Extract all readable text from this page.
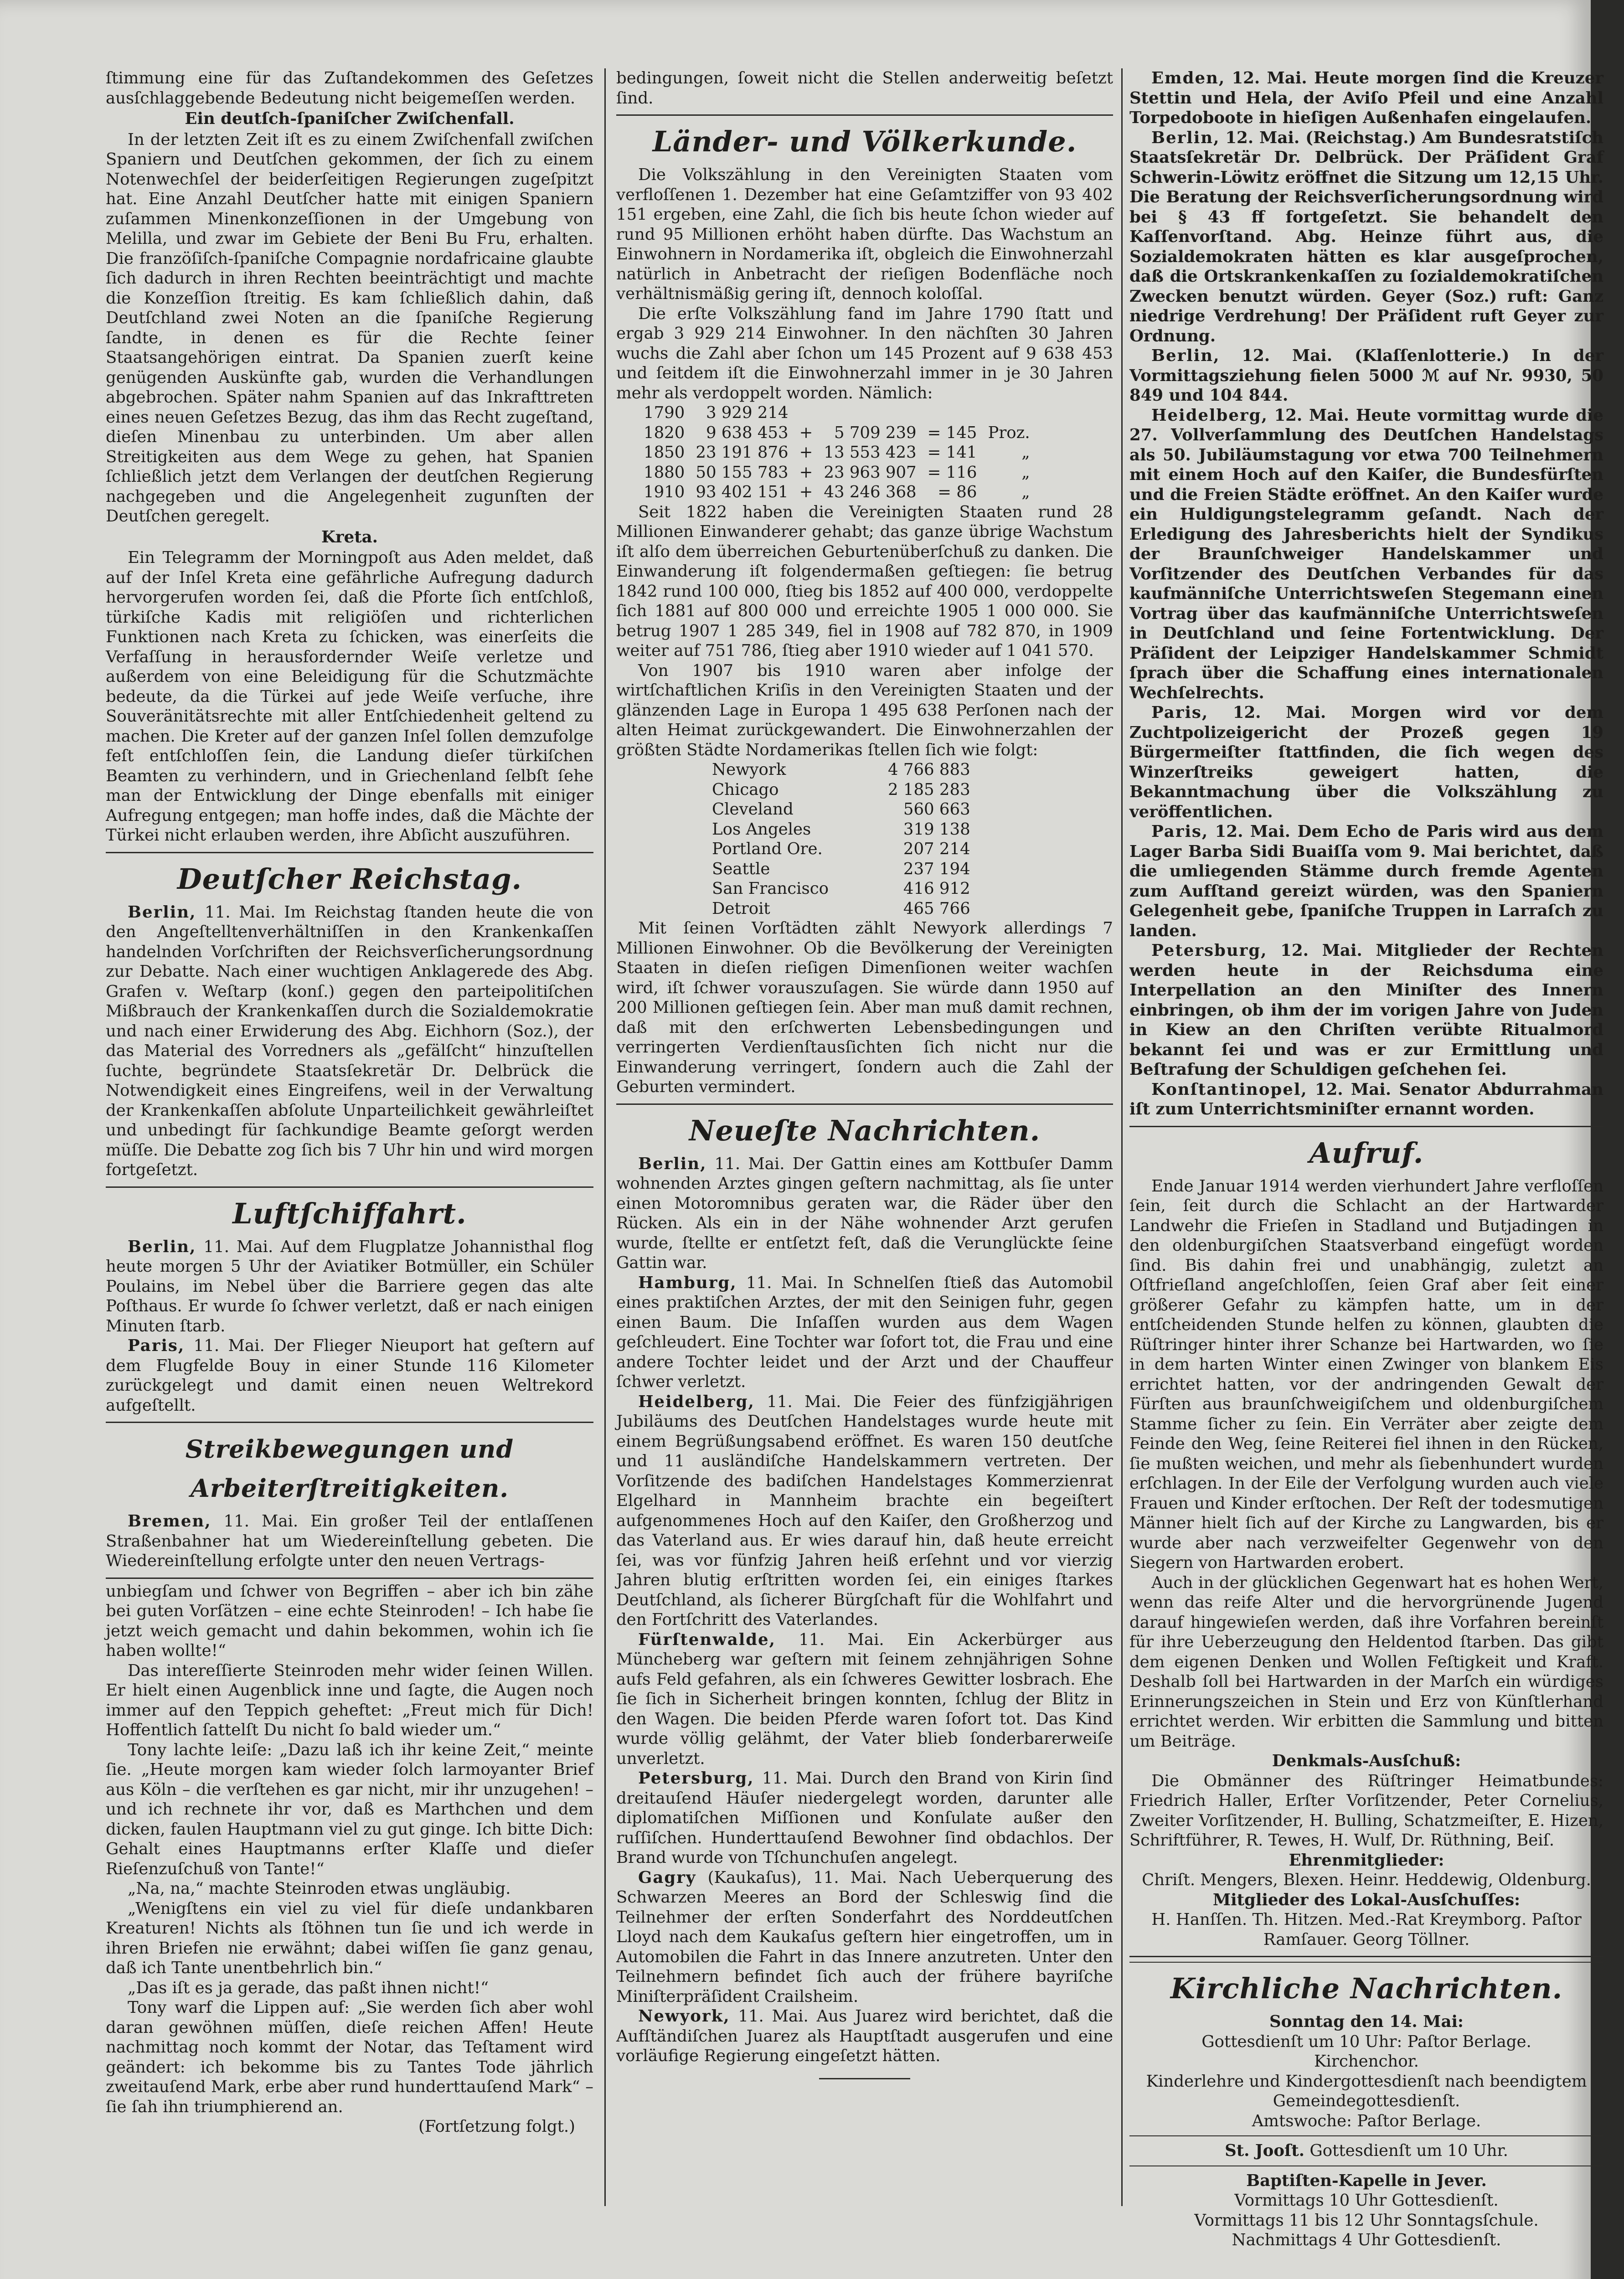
ſtimmung eine für das Zuſtandekommen des Geſetzes ausſchlaggebende Bedeutung nicht beigemeſſen werden.

Ein deutſch-ſpaniſcher Zwiſchenfall.

In der letzten Zeit iſt es zu einem Zwiſchenfall zwiſchen Spaniern und Deutſchen gekommen, der ſich zu einem Notenwechſel der beiderſeitigen Regierungen zugeſpitzt hat. Eine Anzahl Deutſcher hatte mit einigen Spaniern zuſammen Minenkonzeſſionen in der Umgebung von Melilla, und zwar im Gebiete der Beni Bu Fru, erhalten. Die franzöſiſch-ſpaniſche Compagnie nordafricaine glaubte ſich dadurch in ihren Rechten beeinträchtigt und machte die Konzeſſion ſtreitig. Es kam ſchließlich dahin, daß Deutſchland zwei Noten an die ſpaniſche Regierung ſandte, in denen es für die Rechte ſeiner Staatsangehörigen eintrat. Da Spanien zuerſt keine genügenden Auskünfte gab, wurden die Verhandlungen abgebrochen. Später nahm Spanien auf das Inkrafttreten eines neuen Geſetzes Bezug, das ihm das Recht zugeſtand, dieſen Minenbau zu unterbinden. Um aber allen Streitigkeiten aus dem Wege zu gehen, hat Spanien ſchließlich jetzt dem Verlangen der deutſchen Regierung nachgegeben und die Angelegenheit zugunſten der Deutſchen geregelt.

Kreta.

Ein Telegramm der Morningpoſt aus Aden meldet, daß auf der Inſel Kreta eine gefährliche Aufregung dadurch hervorgerufen worden ſei, daß die Pforte ſich entſchloß, türkiſche Kadis mit religiöſen und richterlichen Funktionen nach Kreta zu ſchicken, was einerſeits die Verfaſſung in herausfordernder Weiſe verletze und außerdem von eine Beleidigung für die Schutzmächte bedeute, da die Türkei auf jede Weiſe verſuche, ihre Souveränitätsrechte mit aller Entſchiedenheit geltend zu machen. Die Kreter auf der ganzen Inſel ſollen demzufolge feſt entſchloſſen ſein, die Landung dieſer türkiſchen Beamten zu verhindern, und in Griechenland ſelbſt ſehe man der Entwicklung der Dinge ebenfalls mit einiger Aufregung entgegen; man hoffe indes, daß die Mächte der Türkei nicht erlauben werden, ihre Abſicht auszuführen.

Deutſcher Reichstag.

Berlin, 11. Mai. Im Reichstag ſtanden heute die von den Angeſtelltenverhältniſſen in den Krankenkaſſen handelnden Vorſchriften der Reichsverſicherungsordnung zur Debatte. Nach einer wuchtigen Anklagerede des Abg. Grafen v. Weſtarp (konſ.) gegen den parteipolitiſchen Mißbrauch der Krankenkaſſen durch die Sozialdemokratie und nach einer Erwiderung des Abg. Eichhorn (Soz.), der das Material des Vorredners als „gefälſcht“ hinzuſtellen ſuchte, begründete Staatsſekretär Dr. Delbrück die Notwendigkeit eines Eingreifens, weil in der Verwaltung der Krankenkaſſen abſolute Unparteilichkeit gewährleiſtet und unbedingt für ſachkundige Beamte geſorgt werden müſſe. Die Debatte zog ſich bis 7 Uhr hin und wird morgen fortgeſetzt.

Luftſchiffahrt.

Berlin, 11. Mai. Auf dem Flugplatze Johannisthal flog heute morgen 5 Uhr der Aviatiker Botmüller, ein Schüler Poulains, im Nebel über die Barriere gegen das alte Poſthaus. Er wurde ſo ſchwer verletzt, daß er nach einigen Minuten ſtarb.

Paris, 11. Mai. Der Flieger Nieuport hat geſtern auf dem Flugfelde Bouy in einer Stunde 116 Kilometer zurückgelegt und damit einen neuen Weltrekord aufgeſtellt.

Streikbewegungen und Arbeiterſtreitigkeiten.

Bremen, 11. Mai. Ein großer Teil der entlaſſenen Straßenbahner hat um Wiedereinſtellung gebeten. Die Wiedereinſtellung erfolgte unter den neuen Vertrags-

unbiegſam und ſchwer von Begriffen – aber ich bin zähe bei guten Vorſätzen – eine echte Steinroden! – Ich habe ſie jetzt weich gemacht und dahin bekommen, wohin ich ſie haben wollte!“

Das intereſſierte Steinroden mehr wider ſeinen Willen. Er hielt einen Augenblick inne und ſagte, die Augen noch immer auf den Teppich geheftet: „Freut mich für Dich! Hoffentlich ſattelſt Du nicht ſo bald wieder um.“

Tony lachte leiſe: „Dazu laß ich ihr keine Zeit,“ meinte ſie. „Heute morgen kam wieder ſolch larmoyanter Brief aus Köln – die verſtehen es gar nicht, mir ihr unzugehen! – und ich rechnete ihr vor, daß es Marthchen und dem dicken, faulen Hauptmann viel zu gut ginge. Ich bitte Dich: Gehalt eines Hauptmanns erſter Klaſſe und dieſer Rieſenzuſchuß von Tante!“

„Na, na,“ machte Steinroden etwas ungläubig.

„Wenigſtens ein viel zu viel für dieſe undankbaren Kreaturen! Nichts als ſtöhnen tun ſie und ich werde in ihren Briefen nie erwähnt; dabei wiſſen ſie ganz genau, daß ich Tante unentbehrlich bin.“

„Das iſt es ja gerade, das paßt ihnen nicht!“

Tony warf die Lippen auf: „Sie werden ſich aber wohl daran gewöhnen müſſen, dieſe reichen Affen! Heute nachmittag noch kommt der Notar, das Teſtament wird geändert: ich bekomme bis zu Tantes Tode jährlich zweitauſend Mark, erbe aber rund hunderttauſend Mark“ – ſie ſah ihn triumphierend an.

(Fortſetzung folgt.)

bedingungen, ſoweit nicht die Stellen anderweitig beſetzt ſind.

Länder- und Völkerkunde.

Die Volkszählung in den Vereinigten Staaten vom verfloſſenen 1. Dezember hat eine Geſamtziffer von 93 402 151 ergeben, eine Zahl, die ſich bis heute ſchon wieder auf rund 95 Millionen erhöht haben dürfte. Das Wachstum an Einwohnern in Nordamerika iſt, obgleich die Einwohnerzahl natürlich in Anbetracht der rieſigen Bodenfläche noch verhältnismäßig gering iſt, dennoch koloſſal.

Die erſte Volkszählung fand im Jahre 1790 ſtatt und ergab 3 929 214 Einwohner. In den nächſten 30 Jahren wuchs die Zahl aber ſchon um 145 Prozent auf 9 638 453 und ſeitdem iſt die Einwohnerzahl immer in je 30 Jahren mehr als verdoppelt worden. Nämlich:

1790	3 929 214				
1820	9 638 453	+	5 709 239	= 145	Proz.
1850	23 191 876	+	13 553 423	= 141	„
1880	50 155 783	+	23 963 907	= 116	„
1910	93 402 151	+	43 246 368	= 86	„

Seit 1822 haben die Vereinigten Staaten rund 28 Millionen Einwanderer gehabt; das ganze übrige Wachstum iſt alſo dem überreichen Geburtenüberſchuß zu danken. Die Einwanderung iſt folgendermaßen geſtiegen: ſie betrug 1842 rund 100 000, ſtieg bis 1852 auf 400 000, verdoppelte ſich 1881 auf 800 000 und erreichte 1905 1 000 000. Sie betrug 1907 1 285 349, fiel in 1908 auf 782 870, in 1909 weiter auf 751 786, ſtieg aber 1910 wieder auf 1 041 570.

Von 1907 bis 1910 waren aber infolge der wirtſchaftlichen Kriſis in den Vereinigten Staaten und der glänzenden Lage in Europa 1 495 638 Perſonen nach der alten Heimat zurückgewandert. Die Einwohnerzahlen der größten Städte Nordamerikas ſtellen ſich wie folgt:

Newyork	4 766 883
Chicago	2 185 283
Cleveland	560 663
Los Angeles	319 138
Portland Ore.	207 214
Seattle	237 194
San Francisco	416 912
Detroit	465 766

Mit ſeinen Vorſtädten zählt Newyork allerdings 7 Millionen Einwohner. Ob die Bevölkerung der Vereinigten Staaten in dieſen rieſigen Dimenſionen weiter wachſen wird, iſt ſchwer vorauszuſagen. Sie würde dann 1950 auf 200 Millionen geſtiegen ſein. Aber man muß damit rechnen, daß mit den erſchwerten Lebensbedingungen und verringerten Verdienſtausſichten ſich nicht nur die Einwanderung verringert, ſondern auch die Zahl der Geburten vermindert.

Neueſte Nachrichten.

Berlin, 11. Mai. Der Gattin eines am Kottbuſer Damm wohnenden Arztes gingen geſtern nachmittag, als ſie unter einen Motoromnibus geraten war, die Räder über den Rücken. Als ein in der Nähe wohnender Arzt gerufen wurde, ſtellte er entſetzt feſt, daß die Verunglückte ſeine Gattin war.

Hamburg, 11. Mai. In Schnelſen ſtieß das Automobil eines praktiſchen Arztes, der mit den Seinigen fuhr, gegen einen Baum. Die Inſaſſen wurden aus dem Wagen geſchleudert. Eine Tochter war ſofort tot, die Frau und eine andere Tochter leidet und der Arzt und der Chauffeur ſchwer verletzt.

Heidelberg, 11. Mai. Die Feier des fünfzigjährigen Jubiläums des Deutſchen Handelstages wurde heute mit einem Begrüßungsabend eröffnet. Es waren 150 deutſche und 11 ausländiſche Handelskammern vertreten. Der Vorſitzende des badiſchen Handelstages Kommerzienrat Elgelhard in Mannheim brachte ein begeiſtert aufgenommenes Hoch auf den Kaiſer, den Großherzog und das Vaterland aus. Er wies darauf hin, daß heute erreicht ſei, was vor fünfzig Jahren heiß erſehnt und vor vierzig Jahren blutig erſtritten worden ſei, ein einiges ſtarkes Deutſchland, als ſicherer Bürgſchaft für die Wohlfahrt und den Fortſchritt des Vaterlandes.

Fürſtenwalde, 11. Mai. Ein Ackerbürger aus Müncheberg war geſtern mit ſeinem zehnjährigen Sohne aufs Feld gefahren, als ein ſchweres Gewitter losbrach. Ehe ſie ſich in Sicherheit bringen konnten, ſchlug der Blitz in den Wagen. Die beiden Pferde waren ſofort tot. Das Kind wurde völlig gelähmt, der Vater blieb ſonderbarerweiſe unverletzt.

Petersburg, 11. Mai. Durch den Brand von Kirin ſind dreitauſend Häuſer niedergelegt worden, darunter alle diplomatiſchen Miſſionen und Konſulate außer den ruſſiſchen. Hunderttauſend Bewohner ſind obdachlos. Der Brand wurde von Tſchunchuſen angelegt.

Gagry (Kaukaſus), 11. Mai. Nach Ueberquerung des Schwarzen Meeres an Bord der Schleswig ſind die Teilnehmer der erſten Sonderfahrt des Norddeutſchen Lloyd nach dem Kaukaſus geſtern hier eingetroffen, um in Automobilen die Fahrt in das Innere anzutreten. Unter den Teilnehmern befindet ſich auch der frühere bayriſche Miniſterpräſident Crailsheim.

Newyork, 11. Mai. Aus Juarez wird berichtet, daß die Aufſtändiſchen Juarez als Hauptſtadt ausgerufen und eine vorläufige Regierung eingeſetzt hätten.

Emden, 12. Mai. Heute morgen ſind die Kreuzer Stettin und Hela, der Aviſo Pfeil und eine Anzahl Torpedoboote in hieſigen Außenhafen eingelaufen.

Berlin, 12. Mai. (Reichstag.) Am Bundesratstiſch Staatsſekretär Dr. Delbrück. Der Präſident Graf Schwerin-Löwitz eröffnet die Sitzung um 12,15 Uhr. Die Beratung der Reichsverſicherungsordnung wird bei § 43 ff fortgeſetzt. Sie behandelt den Kaſſenvorſtand. Abg. Heinze führt aus, die Sozialdemokraten hätten es klar ausgeſprochen, daß die Ortskrankenkaſſen zu ſozialdemokratiſchen Zwecken benutzt würden. Geyer (Soz.) ruft: Ganz niedrige Verdrehung! Der Präſident ruft Geyer zur Ordnung.

Berlin, 12. Mai. (Klaſſenlotterie.) In der Vormittagsziehung fielen 5000 ℳ auf Nr. 9930, 50 849 und 104 844.

Heidelberg, 12. Mai. Heute vormittag wurde die 27. Vollverſammlung des Deutſchen Handelstags als 50. Jubiläumstagung vor etwa 700 Teilnehmern mit einem Hoch auf den Kaiſer, die Bundesfürſten und die Freien Städte eröffnet. An den Kaiſer wurde ein Huldigungstelegramm geſandt. Nach der Erledigung des Jahresberichts hielt der Syndikus der Braunſchweiger Handelskammer und Vorſitzender des Deutſchen Verbandes für das kaufmänniſche Unterrichtsweſen Stegemann einen Vortrag über das kaufmänniſche Unterrichtsweſen in Deutſchland und ſeine Fortentwicklung. Der Präſident der Leipziger Handelskammer Schmidt ſprach über die Schaffung eines internationalen Wechſelrechts.

Paris, 12. Mai. Morgen wird vor dem Zuchtpolizeigericht der Prozeß gegen 19 Bürgermeiſter ſtattfinden, die ſich wegen des Winzerſtreiks geweigert hatten, die Bekanntmachung über die Volkszählung zu veröffentlichen.

Paris, 12. Mai. Dem Echo de Paris wird aus dem Lager Barba Sidi Buaiſſa vom 9. Mai berichtet, daß die umliegenden Stämme durch fremde Agenten zum Aufſtand gereizt würden, was den Spaniern Gelegenheit gebe, ſpaniſche Truppen in Larraſch zu landen.

Petersburg, 12. Mai. Mitglieder der Rechten werden heute in der Reichsduma eine Interpellation an den Miniſter des Innern einbringen, ob ihm der im vorigen Jahre von Juden in Kiew an den Chriſten verübte Ritualmord bekannt ſei und was er zur Ermittlung und Beſtrafung der Schuldigen geſchehen ſei.

Konſtantinopel, 12. Mai. Senator Abdurrahman iſt zum Unterrichtsminiſter ernannt worden.

Aufruf.

Ende Januar 1914 werden vierhundert Jahre verfloſſen ſein, ſeit durch die Schlacht an der Hartwarder Landwehr die Frieſen in Stadland und Butjadingen in den oldenburgiſchen Staatsverband eingefügt worden ſind. Bis dahin frei und unabhängig, zuletzt an Oſtfrieſland angeſchloſſen, ſeien Graf aber ſeit einer größerer Gefahr zu kämpfen hatte, um in der entſcheidenden Stunde helfen zu können, glaubten die Rüſtringer hinter ihrer Schanze bei Hartwarden, wo ſie in dem harten Winter einen Zwinger von blankem Eis errichtet hatten, vor der andringenden Gewalt der Fürſten aus braunſchweigiſchem und oldenburgiſchem Stamme ſicher zu ſein. Ein Verräter aber zeigte dem Feinde den Weg, ſeine Reiterei fiel ihnen in den Rücken, ſie mußten weichen, und mehr als ſiebenhundert wurden erſchlagen. In der Eile der Verfolgung wurden auch viele Frauen und Kinder erſtochen. Der Reſt der todesmutigen Männer hielt ſich auf der Kirche zu Langwarden, bis er wurde aber nach verzweifelter Gegenwehr von den Siegern von Hartwarden erobert.

Auch in der glücklichen Gegenwart hat es hohen Wert, wenn das reife Alter und die hervorgrünende Jugend darauf hingewieſen werden, daß ihre Vorfahren bereinſt für ihre Ueberzeugung den Heldentod ſtarben. Das gibt dem eigenen Denken und Wollen Feſtigkeit und Kraft. Deshalb ſoll bei Hartwarden in der Marſch ein würdiges Erinnerungszeichen in Stein und Erz von Künſtlerhand errichtet werden. Wir erbitten die Sammlung und bitten um Beiträge.

Denkmals-Ausſchuß:

Die Obmänner des Rüſtringer Heimatbundes: Friedrich Haller, Erſter Vorſitzender, Peter Cornelius, Zweiter Vorſitzender, H. Bulling, Schatzmeiſter, E. Hizen, Schriftführer, R. Tewes, H. Wulf, Dr. Rüthning, Beiſ.

Ehrenmitglieder:

Chriſt. Mengers, Blexen. Heinr. Heddewig, Oldenburg.

Mitglieder des Lokal-Ausſchuſſes:

H. Hanſſen. Th. Hitzen. Med.-Rat Kreymborg. Paſtor Ramſauer. Georg Töllner.

Kirchliche Nachrichten.
Sonntag den 14. Mai:

Gottesdienſt um 10 Uhr: Paſtor Berlage.

Kirchenchor.

Kinderlehre und Kindergottesdienſt nach beendigtem Gemeindegottesdienſt.

Amtswoche: Paſtor Berlage.

St. Jooſt. Gottesdienſt um 10 Uhr.

Baptiſten-Kapelle in Jever.

Vormittags 10 Uhr Gottesdienſt.

Vormittags 11 bis 12 Uhr Sonntagsſchule.

Nachmittags 4 Uhr Gottesdienſt.
